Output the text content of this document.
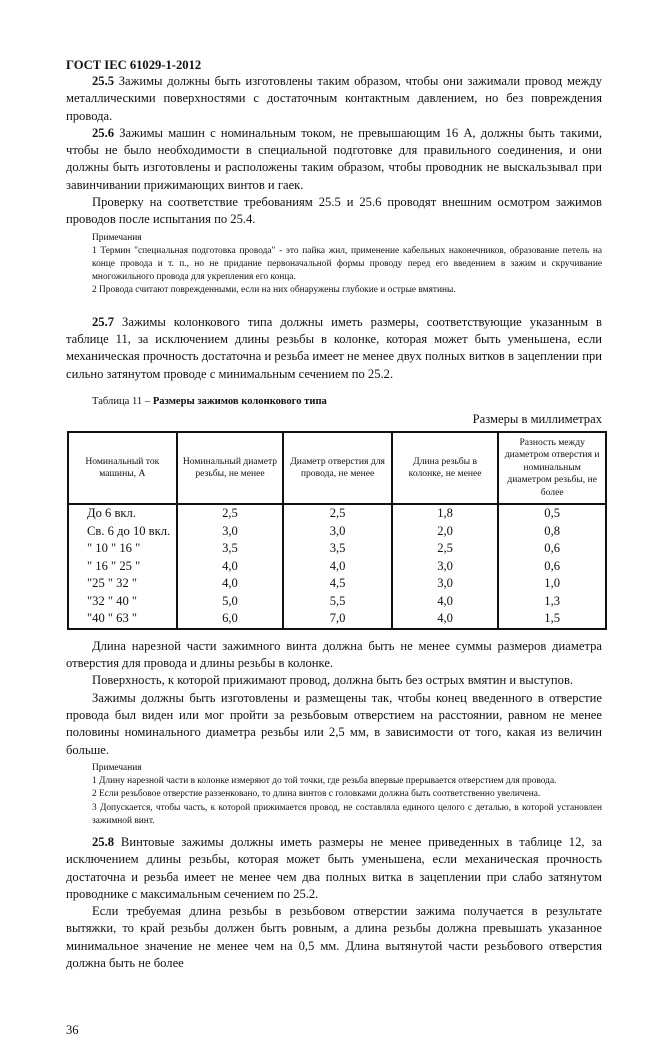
ГОСТ IEC 61029-1-2012

25.5 Зажимы должны быть изготовлены таким образом, чтобы они зажимали провод между металлическими поверхностями с достаточным контактным давлением, но без повреждения провода.

25.6 Зажимы машин с номинальным током, не превышающим 16 А, должны быть такими, чтобы не было необходимости в специальной подготовке для правильного соединения, и они должны быть изготовлены и расположены таким образом, чтобы проводник не выскальзывал при завинчивании прижимающих винтов и гаек.

Проверку на соответствие требованиям 25.5 и 25.6 проводят внешним осмотром зажимов проводов после испытания по 25.4.

Примечания
1 Термин "специальная подготовка провода" - это пайка жил, применение кабельных наконечников, образование петель на конце провода и т. п., но не придание первоначальной формы проводу перед его введением в зажим и скручивание многожильного провода для укрепления его конца.
2 Провода считают поврежденными, если на них обнаружены глубокие и острые вмятины.

25.7 Зажимы колонкового типа должны иметь размеры, соответствующие указанным в таблице 11, за исключением длины резьбы в колонке, которая может быть уменьшена, если механическая прочность достаточна и резьба имеет не менее двух полных витков в зацеплении при сильно затянутом проводе с минимальным сечением по 25.2.

Таблица 11 – Размеры зажимов колонкового типа
Размеры в миллиметрах
Номинальный ток машины, А	Номинальный диаметр резьбы, не менее	Диаметр отверстия для провода, не менее	Длина резьбы в колонке, не менее	Разность между диаметром отверстия и номинальным диаметром резьбы, не более
До 6 вкл.	2,5	2,5	1,8	0,5
Св. 6 до 10 вкл.	3,0	3,0	2,0	0,8
" 10 " 16 "	3,5	3,5	2,5	0,6
" 16 " 25 "	4,0	4,0	3,0	0,6
"25 " 32 "	4,0	4,5	3,0	1,0
"32 " 40 "	5,0	5,5	4,0	1,3
"40 " 63 "	6,0	7,0	4,0	1,5

Длина нарезной части зажимного винта должна быть не менее суммы размеров диаметра отверстия для провода и длины резьбы в колонке.

Поверхность, к которой прижимают провод, должна быть без острых вмятин и выступов.

Зажимы должны быть изготовлены и размещены так, чтобы конец введенного в отверстие провода был виден или мог пройти за резьбовым отверстием на расстоянии, равном не менее половины номинального диаметра резьбы или 2,5 мм, в зависимости от того, какая из величин больше.

Примечания
1 Длину нарезной части в колонке измеряют до той точки, где резьба впервые прерывается отверстием для провода.
2 Если резьбовое отверстие раззенковано, то длина винтов с головками должна быть соответственно увеличена.
3 Допускается, чтобы часть, к которой прижимается провод, не составляла единого целого с деталью, в которой установлен зажимной винт.

25.8 Винтовые зажимы должны иметь размеры не менее приведенных в таблице 12, за исключением длины резьбы, которая может быть уменьшена, если механическая прочность достаточна и резьба имеет не менее чем два полных витка в зацеплении при слабо затянутом проводнике с максимальным сечением по 25.2.

Если требуемая длина резьбы в резьбовом отверстии зажима получается в результате вытяжки, то край резьбы должен быть ровным, а длина резьбы должна превышать указанное минимальное значение не менее чем на 0,5 мм. Длина вытянутой части резьбового отверстия должна быть не более

36
